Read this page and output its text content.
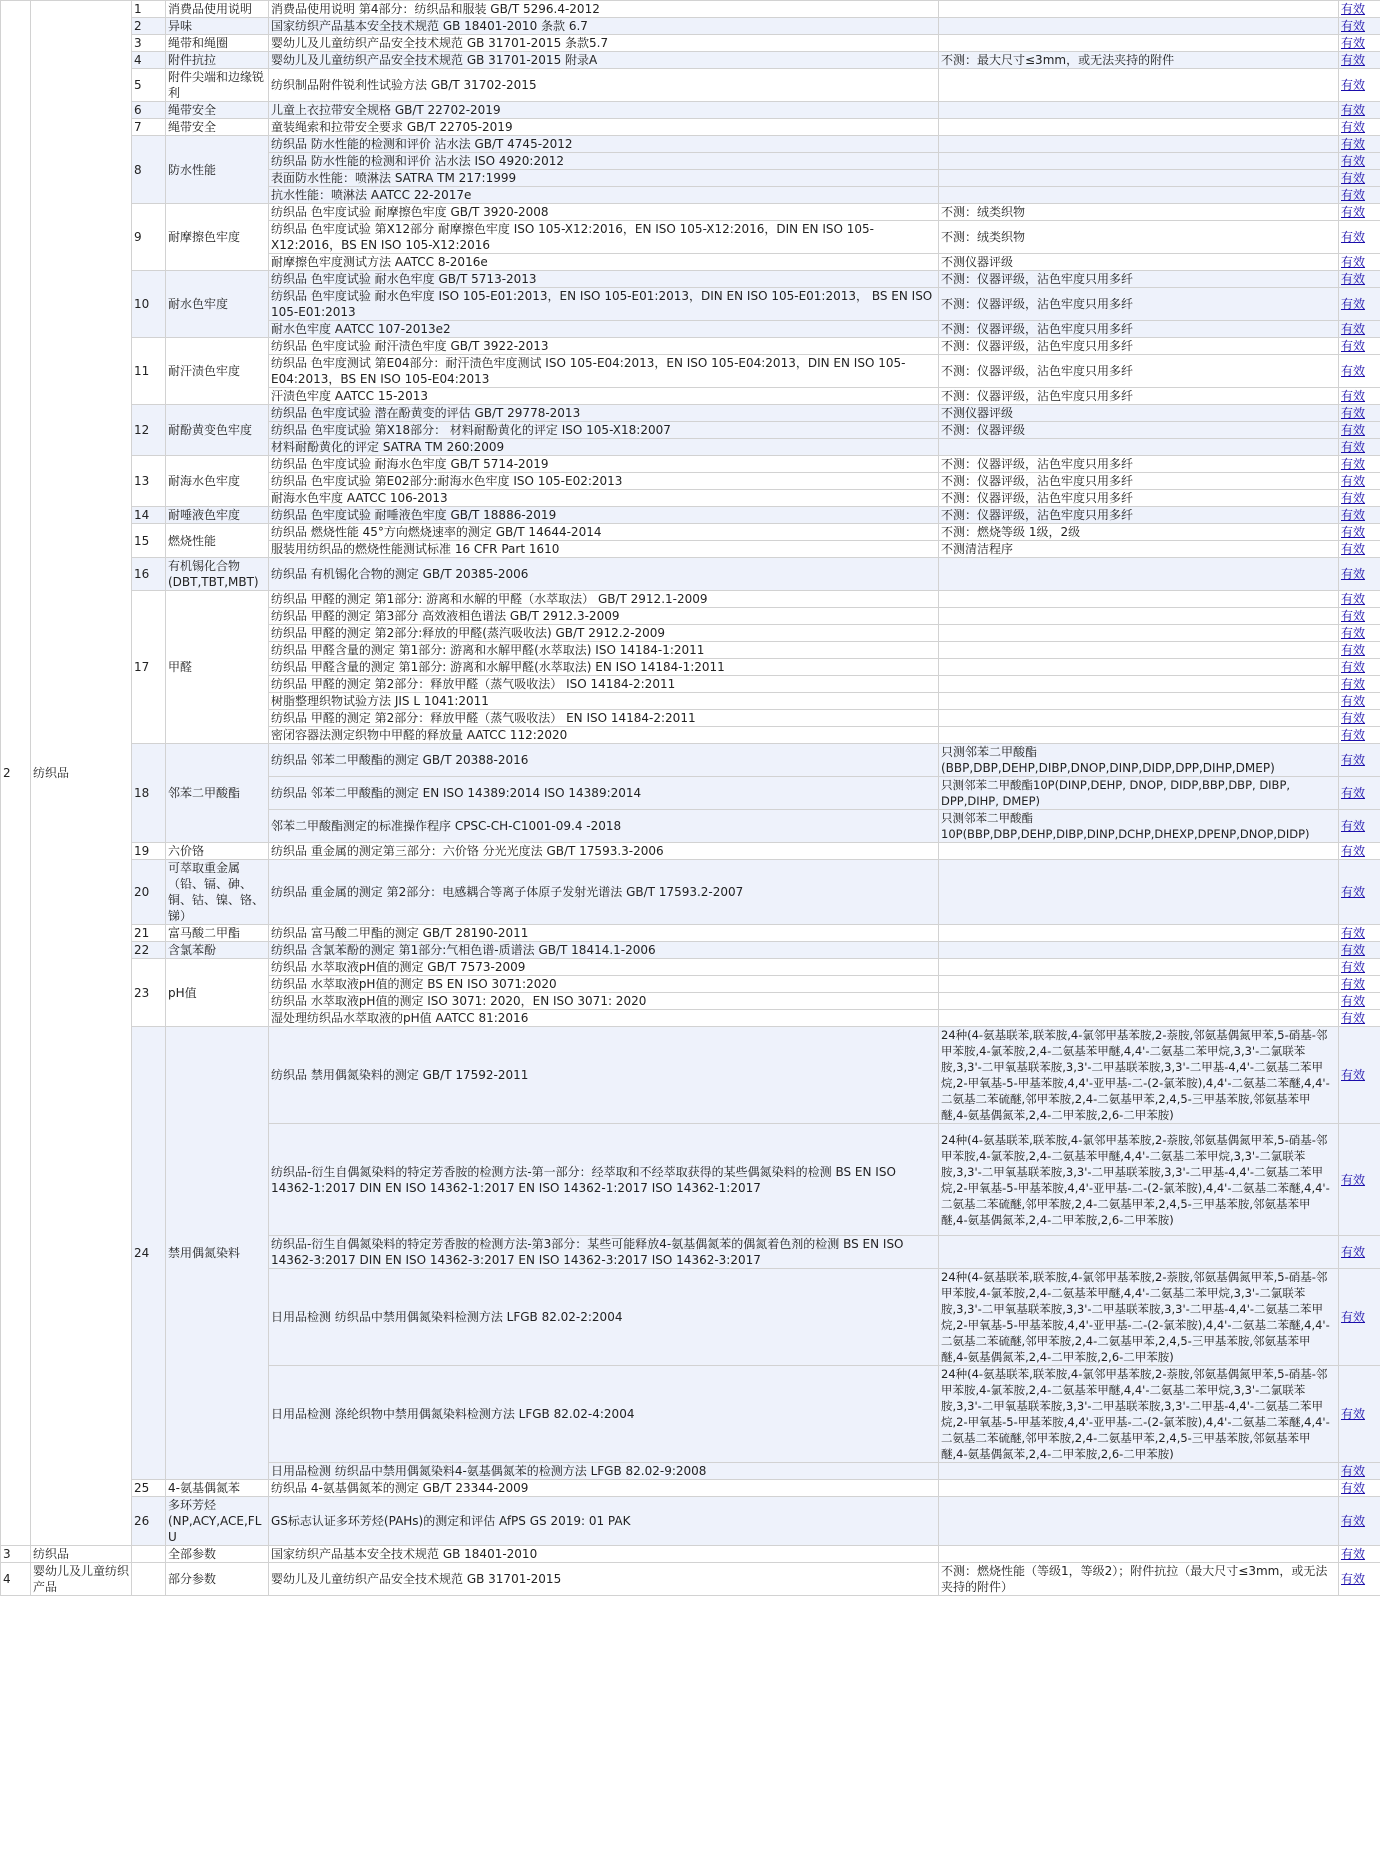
2	纺织品	1	消费品使用说明	消费品使用说明 第4部分：纺织品和服装 GB/T 5296.4-2012		有效
		2	异味	国家纺织产品基本安全技术规范 GB 18401-2010 条款 6.7		有效
		3	绳带和绳圈	婴幼儿及儿童纺织产品安全技术规范 GB 31701-2015 条款5.7		有效
		4	附件抗拉	婴幼儿及儿童纺织产品安全技术规范 GB 31701-2015 附录A	不测：最大尺寸≤3mm，或无法夹持的附件	有效
		5	附件尖端和边缘锐利	纺织制品附件锐利性试验方法 GB/T 31702-2015		有效
		6	绳带安全	儿童上衣拉带安全规格 GB/T 22702-2019		有效
		7	绳带安全	童装绳索和拉带安全要求 GB/T 22705-2019		有效
		8	防水性能	纺织品 防水性能的检测和评价 沾水法 GB/T 4745-2012		有效
				纺织品 防水性能的检测和评价 沾水法 ISO 4920:2012		有效
				表面防水性能：喷淋法 SATRA TM 217:1999		有效
				抗水性能：喷淋法 AATCC 22-2017e		有效
		9	耐摩擦色牢度	纺织品 色牢度试验 耐摩擦色牢度 GB/T 3920-2008	不测：绒类织物	有效
				纺织品 色牢度试验 第X12部分 耐摩擦色牢度 ISO 105-X12:2016，EN ISO 105-X12:2016，DIN EN ISO 105-X12:2016，BS EN ISO 105-X12:2016	不测：绒类织物	有效
				耐摩擦色牢度测试方法 AATCC 8-2016e	不测仪器评级	有效
		10	耐水色牢度	纺织品 色牢度试验 耐水色牢度 GB/T 5713-2013	不测：仪器评级，沾色牢度只用多纤	有效
				纺织品 色牢度试验 耐水色牢度 ISO 105-E01:2013，EN ISO 105-E01:2013，DIN EN ISO 105-E01:2013， BS EN ISO 105-E01:2013	不测：仪器评级，沾色牢度只用多纤	有效
				耐水色牢度 AATCC 107-2013e2	不测：仪器评级，沾色牢度只用多纤	有效
		11	耐汗渍色牢度	纺织品 色牢度试验 耐汗渍色牢度 GB/T 3922-2013	不测：仪器评级，沾色牢度只用多纤	有效
				纺织品 色牢度测试 第E04部分：耐汗渍色牢度测试 ISO 105-E04:2013，EN ISO 105-E04:2013，DIN EN ISO 105-E04:2013，BS EN ISO 105-E04:2013	不测：仪器评级，沾色牢度只用多纤	有效
				汗渍色牢度 AATCC 15-2013	不测：仪器评级，沾色牢度只用多纤	有效
		12	耐酚黄变色牢度	纺织品 色牢度试验 潜在酚黄变的评估 GB/T 29778-2013	不测仪器评级	有效
				纺织品 色牢度试验 第X18部分： 材料耐酚黄化的评定 ISO 105-X18:2007	不测：仪器评级	有效
				材料耐酚黄化的评定 SATRA TM 260:2009		有效
		13	耐海水色牢度	纺织品 色牢度试验 耐海水色牢度 GB/T 5714-2019	不测：仪器评级，沾色牢度只用多纤	有效
				纺织品 色牢度试验 第E02部分:耐海水色牢度 ISO 105-E02:2013	不测：仪器评级，沾色牢度只用多纤	有效
				耐海水色牢度 AATCC 106-2013	不测：仪器评级，沾色牢度只用多纤	有效
		14	耐唾液色牢度	纺织品 色牢度试验 耐唾液色牢度 GB/T 18886-2019	不测：仪器评级，沾色牢度只用多纤	有效
		15	燃烧性能	纺织品 燃烧性能 45°方向燃烧速率的测定 GB/T 14644-2014	不测：燃烧等级 1级，2级	有效
				服装用纺织品的燃烧性能测试标准 16 CFR Part 1610	不测清洁程序	有效
		16	有机锡化合物(DBT,TBT,MBT)	纺织品 有机锡化合物的测定 GB/T 20385-2006		有效
		17	甲醛	纺织品 甲醛的测定 第1部分: 游离和水解的甲醛（水萃取法） GB/T 2912.1-2009		有效
				纺织品 甲醛的测定 第3部分 高效液相色谱法 GB/T 2912.3-2009		有效
				纺织品 甲醛的测定 第2部分:释放的甲醛(蒸汽吸收法) GB/T 2912.2-2009		有效
				纺织品 甲醛含量的测定 第1部分: 游离和水解甲醛(水萃取法) ISO 14184-1:2011		有效
				纺织品 甲醛含量的测定 第1部分: 游离和水解甲醛(水萃取法) EN ISO 14184-1:2011		有效
				纺织品 甲醛的测定 第2部分：释放甲醛（蒸气吸收法） ISO 14184-2:2011		有效
				树脂整理织物试验方法 JIS L 1041:2011		有效
				纺织品 甲醛的测定 第2部分：释放甲醛（蒸气吸收法） EN ISO 14184-2:2011		有效
				密闭容器法测定织物中甲醛的释放量 AATCC 112:2020		有效
		18	邻苯二甲酸酯	纺织品 邻苯二甲酸酯的测定 GB/T 20388-2016	只测邻苯二甲酸酯(BBP,DBP,DEHP,DIBP,DNOP,DINP,DIDP,DPP,DIHP,DMEP)	有效
				纺织品 邻苯二甲酸酯的测定 EN ISO 14389:2014 ISO 14389:2014	只测邻苯二甲酸酯10P(DINP,DEHP, DNOP, DIDP,BBP,DBP, DIBP, DPP,DIHP, DMEP)	有效
				邻苯二甲酸酯测定的标准操作程序 CPSC-CH-C1001-09.4 -2018	只测邻苯二甲酸酯10P(BBP,DBP,DEHP,DIBP,DINP,DCHP,DHEXP,DPENP,DNOP,DIDP)	有效
		19	六价铬	纺织品 重金属的测定第三部分：六价铬 分光光度法 GB/T 17593.3-2006		有效
		20	可萃取重金属（铅、镉、砷、铜、钴、镍、铬、锑）	纺织品 重金属的测定 第2部分：电感耦合等离子体原子发射光谱法 GB/T 17593.2-2007		有效
		21	富马酸二甲酯	纺织品 富马酸二甲酯的测定 GB/T 28190-2011		有效
		22	含氯苯酚	纺织品 含氯苯酚的测定 第1部分:气相色谱-质谱法 GB/T 18414.1-2006		有效
		23	pH值	纺织品 水萃取液pH值的测定 GB/T 7573-2009		有效
				纺织品 水萃取液pH值的测定 BS EN ISO 3071:2020		有效
				纺织品 水萃取液pH值的测定 ISO 3071: 2020，EN ISO 3071: 2020		有效
				湿处理纺织品水萃取液的pH值 AATCC 81:2016		有效
		24	禁用偶氮染料	纺织品 禁用偶氮染料的测定 GB/T 17592-2011	24种(4-氨基联苯,联苯胺,4-氯邻甲基苯胺,2-萘胺,邻氨基偶氮甲苯,5-硝基-邻甲苯胺,4-氯苯胺,2,4-二氨基苯甲醚,4,4'-二氨基二苯甲烷,3,3'-二氯联苯胺,3,3'-二甲氧基联苯胺,3,3'-二甲基联苯胺,3,3'-二甲基-4,4'-二氨基二苯甲烷,2-甲氧基-5-甲基苯胺,4,4'-亚甲基-二-(2-氯苯胺),4,4'-二氨基二苯醚,4,4'-二氨基二苯硫醚,邻甲苯胺,2,4-二氨基甲苯,2,4,5-三甲基苯胺,邻氨基苯甲醚,4-氨基偶氮苯,2,4-二甲苯胺,2,6-二甲苯胺)	有效
				纺织品-衍生自偶氮染料的特定芳香胺的检测方法-第一部分：经萃取和不经萃取获得的某些偶氮染料的检测 BS EN ISO 14362-1:2017 DIN EN ISO 14362-1:2017 EN ISO 14362-1:2017 ISO 14362-1:2017	24种(4-氨基联苯,联苯胺,4-氯邻甲基苯胺,2-萘胺,邻氨基偶氮甲苯,5-硝基-邻甲苯胺,4-氯苯胺,2,4-二氨基苯甲醚,4,4'-二氨基二苯甲烷,3,3'-二氯联苯胺,3,3'-二甲氧基联苯胺,3,3'-二甲基联苯胺,3,3'-二甲基-4,4'-二氨基二苯甲烷,2-甲氧基-5-甲基苯胺,4,4'-亚甲基-二-(2-氯苯胺),4,4'-二氨基二苯醚,4,4'-二氨基二苯硫醚,邻甲苯胺,2,4-二氨基甲苯,2,4,5-三甲基苯胺,邻氨基苯甲醚,4-氨基偶氮苯,2,4-二甲苯胺,2,6-二甲苯胺)	有效
				纺织品-衍生自偶氮染料的特定芳香胺的检测方法-第3部分：某些可能释放4-氨基偶氮苯的偶氮着色剂的检测 BS EN ISO 14362-3:2017 DIN EN ISO 14362-3:2017 EN ISO 14362-3:2017 ISO 14362-3:2017		有效
				日用品检测 纺织品中禁用偶氮染料检测方法 LFGB 82.02-2:2004	24种(4-氨基联苯,联苯胺,4-氯邻甲基苯胺,2-萘胺,邻氨基偶氮甲苯,5-硝基-邻甲苯胺,4-氯苯胺,2,4-二氨基苯甲醚,4,4'-二氨基二苯甲烷,3,3'-二氯联苯胺,3,3'-二甲氧基联苯胺,3,3'-二甲基联苯胺,3,3'-二甲基-4,4'-二氨基二苯甲烷,2-甲氧基-5-甲基苯胺,4,4'-亚甲基-二-(2-氯苯胺),4,4'-二氨基二苯醚,4,4'-二氨基二苯硫醚,邻甲苯胺,2,4-二氨基甲苯,2,4,5-三甲基苯胺,邻氨基苯甲醚,4-氨基偶氮苯,2,4-二甲苯胺,2,6-二甲苯胺)	有效
				日用品检测 涤纶织物中禁用偶氮染料检测方法 LFGB 82.02-4:2004	24种(4-氨基联苯,联苯胺,4-氯邻甲基苯胺,2-萘胺,邻氨基偶氮甲苯,5-硝基-邻甲苯胺,4-氯苯胺,2,4-二氨基苯甲醚,4,4'-二氨基二苯甲烷,3,3'-二氯联苯胺,3,3'-二甲氧基联苯胺,3,3'-二甲基联苯胺,3,3'-二甲基-4,4'-二氨基二苯甲烷,2-甲氧基-5-甲基苯胺,4,4'-亚甲基-二-(2-氯苯胺),4,4'-二氨基二苯醚,4,4'-二氨基二苯硫醚,邻甲苯胺,2,4-二氨基甲苯,2,4,5-三甲基苯胺,邻氨基苯甲醚,4-氨基偶氮苯,2,4-二甲苯胺,2,6-二甲苯胺)	有效
				日用品检测 纺织品中禁用偶氮染料4-氨基偶氮苯的检测方法 LFGB 82.02-9:2008		有效
		25	4-氨基偶氮苯	纺织品 4-氨基偶氮苯的测定 GB/T 23344-2009		有效
		26	多环芳烃(NP,ACY,ACE,FLU	GS标志认证多环芳烃(PAHs)的测定和评估 AfPS GS 2019: 01 PAK		有效
3	纺织品		全部参数	国家纺织产品基本安全技术规范 GB 18401-2010		有效
4	婴幼儿及儿童纺织产品		部分参数	婴幼儿及儿童纺织产品安全技术规范 GB 31701-2015	不测：燃烧性能（等级1，等级2）；附件抗拉（最大尺寸≤3mm，或无法夹持的附件）	有效
